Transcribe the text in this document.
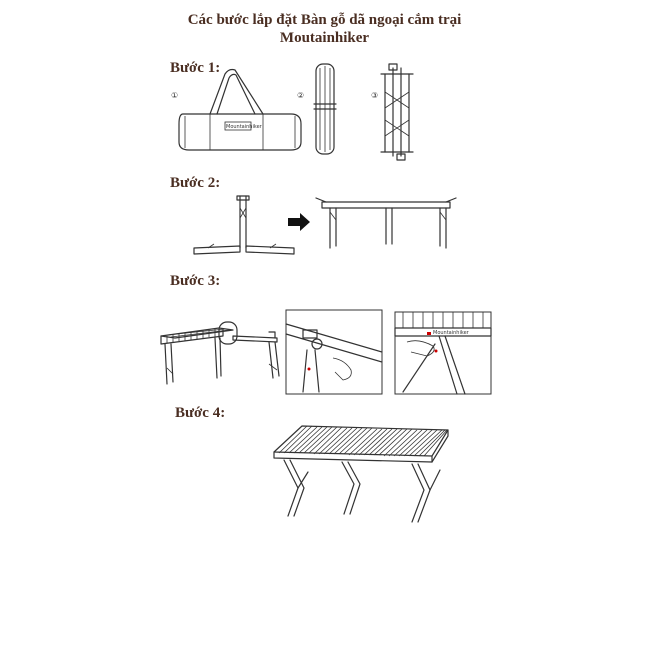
Các bước lắp đặt Bàn gỗ dã ngoại cắm trại
Moutainhiker
Bước 1:
①
Mountainhiker
②	③
Bước 2:
Bước 3:
Mountainhiker
Bước 4:
